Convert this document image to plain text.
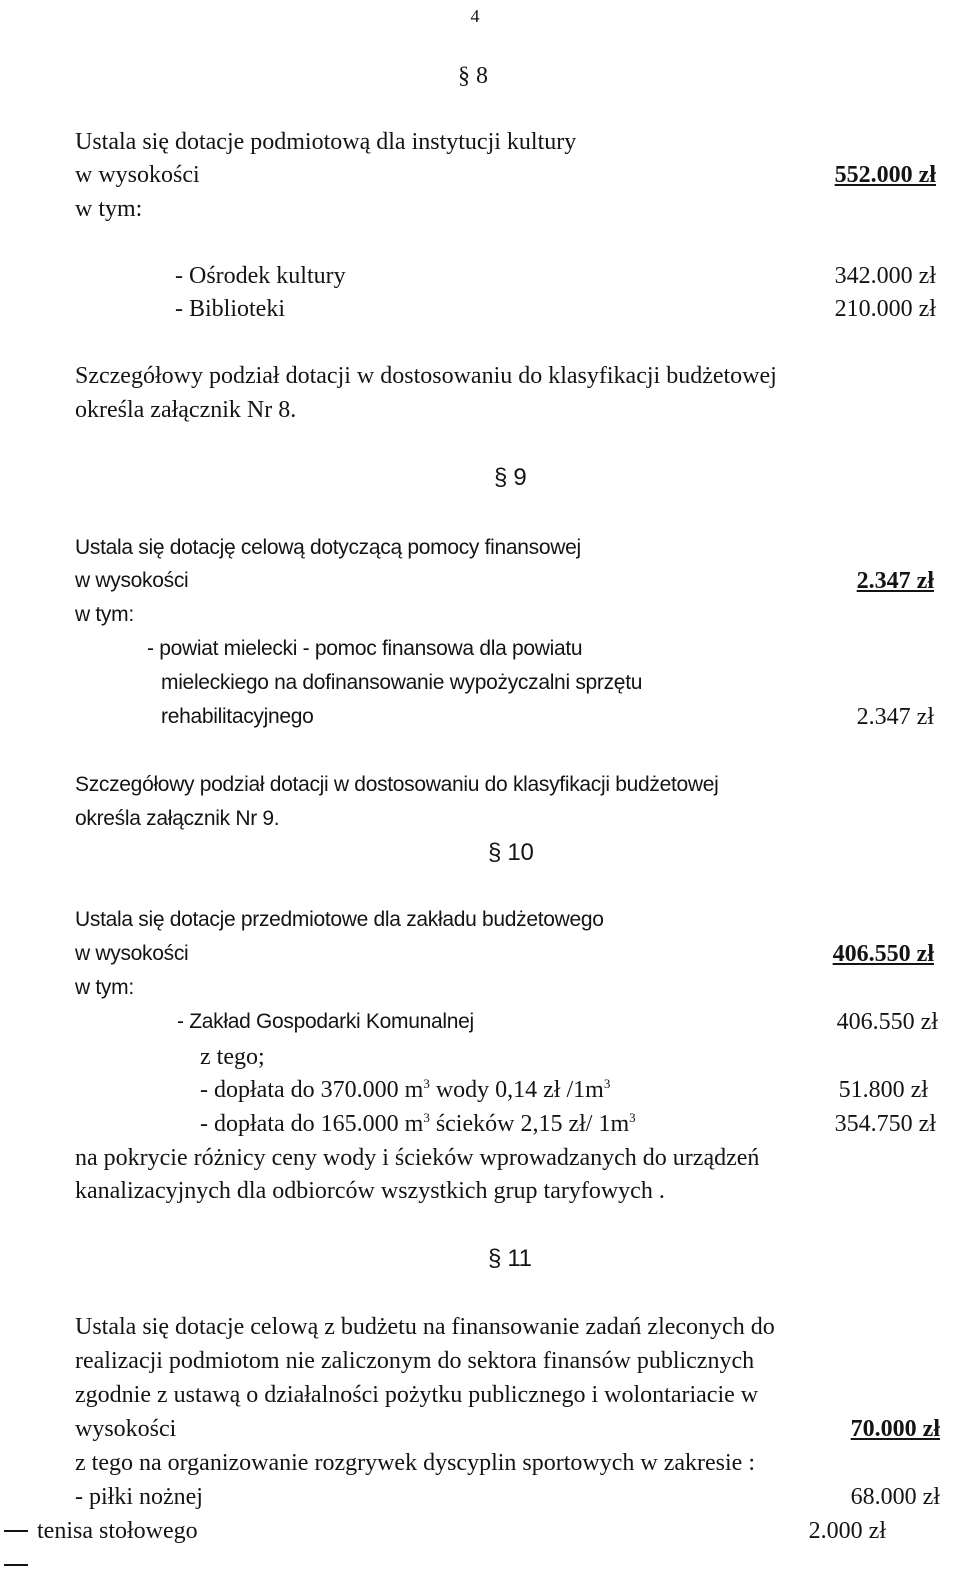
4
§ 8
Ustala się dotacje podmiotową dla instytucji kultury
w wysokości	552.000 zł
w tym:
- Ośrodek kultury	342.000 zł
- Biblioteki	210.000 zł
Szczegółowy podział dotacji w dostosowaniu do klasyfikacji budżetowej
określa załącznik Nr 8.
§ 9
Ustala się dotację celową dotyczącą pomocy finansowej
w wysokości	2.347 zł
w tym:
- powiat mielecki - pomoc finansowa dla powiatu
mieleckiego na dofinansowanie wypożyczalni sprzętu
rehabilitacyjnego	2.347 zł
Szczegółowy podział dotacji w dostosowaniu do klasyfikacji budżetowej
określa załącznik Nr 9.
§ 10
Ustala się dotacje przedmiotowe dla zakładu budżetowego
w wysokości	406.550 zł
w tym:
- Zakład Gospodarki Komunalnej	406.550 zł
z tego;
- dopłata do 370.000 $m^3$ wody 0,14 zł $/1m^3$	51.800 zł
- dopłata do 165.000 $m^3$ ścieków 2,15 zł/ $1m^3$	354.750 zł
na pokrycie różnicy ceny wody i ścieków wprowadzanych do urządzeń
kanalizacyjnych dla odbiorców wszystkich grup taryfowych .
§ 11
Ustala się dotacje celową z budżetu na finansowanie zadań zleconych do
realizacji podmiotom nie zaliczonym do sektora finansów publicznych
zgodnie z ustawą o działalności pożytku publicznego i wolontariacie w
wysokości	70.000 zł
z tego na organizowanie rozgrywek dyscyplin sportowych w zakresie :
- piłki nożnej	68.000 zł
tenisa stołowego	2.000 zł
